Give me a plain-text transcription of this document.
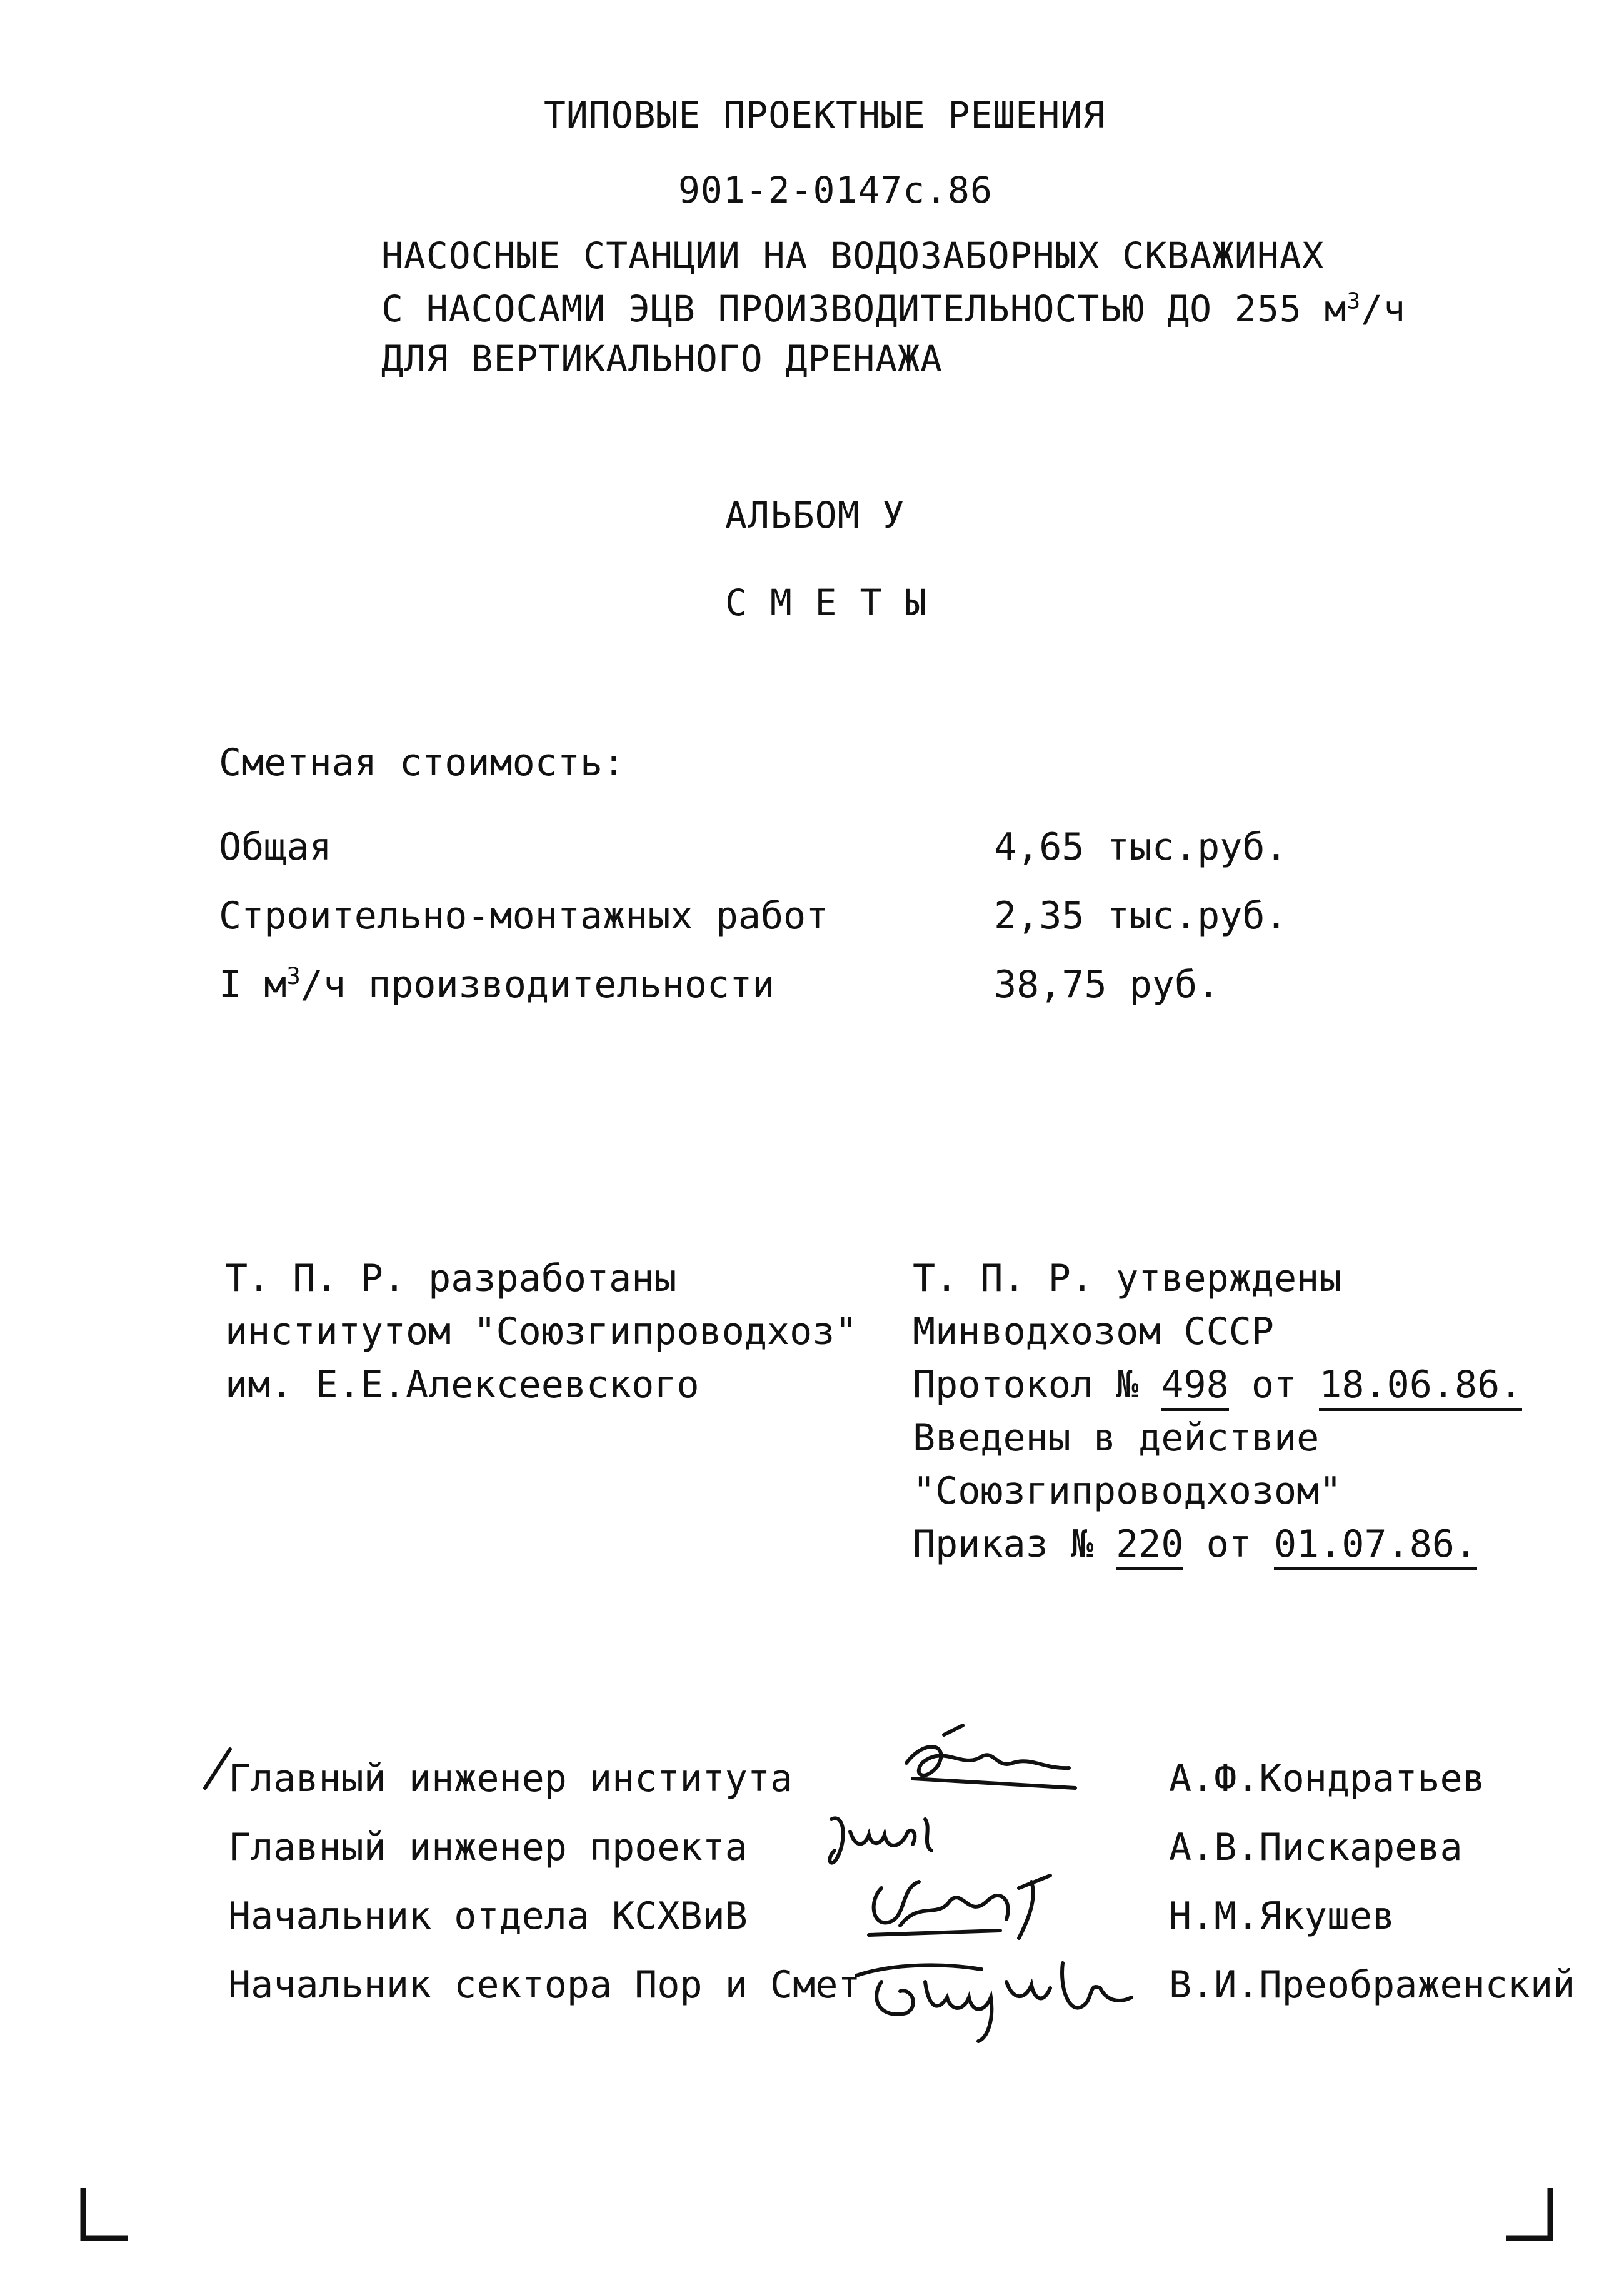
ТИПОВЫЕ ПРОЕКТНЫЕ РЕШЕНИЯ
901-2-0147с.86
НАСОСНЫЕ СТАНЦИИ НА ВОДОЗАБОРНЫХ СКВАЖИНАХ
С НАСОСАМИ ЭЦВ ПРОИЗВОДИТЕЛЬНОСТЬЮ ДО 255 $м^3/ч$
ДЛЯ ВЕРТИКАЛЬНОГО ДРЕНАЖА
АЛЬБОМ У
С М Е Т Ы
Сметная стоимость:
Общая	4,65 тыс.руб.
Строительно-монтажных работ	2,35 тыс.руб.
I $м^3/ч$ производительности	38,75 руб.
Т. П. Р. разработаны
институтом "Союзгипроводхоз"
им. Е.Е.Алексеевского
Т. П. Р. утверждены
Минводхозом СССР
Протокол № 498 от 18.06.86.
Введены в действие
"Союзгипроводхозом"
Приказ № 220 от 01.07.86.
Главный инженер института	А.Ф.Кондратьев
Главный инженер проекта	А.В.Пискарева
Начальник отдела КСХВиВ	Н.М.Якушев
Начальник сектора Пор и Смет	В.И.Преображенский
